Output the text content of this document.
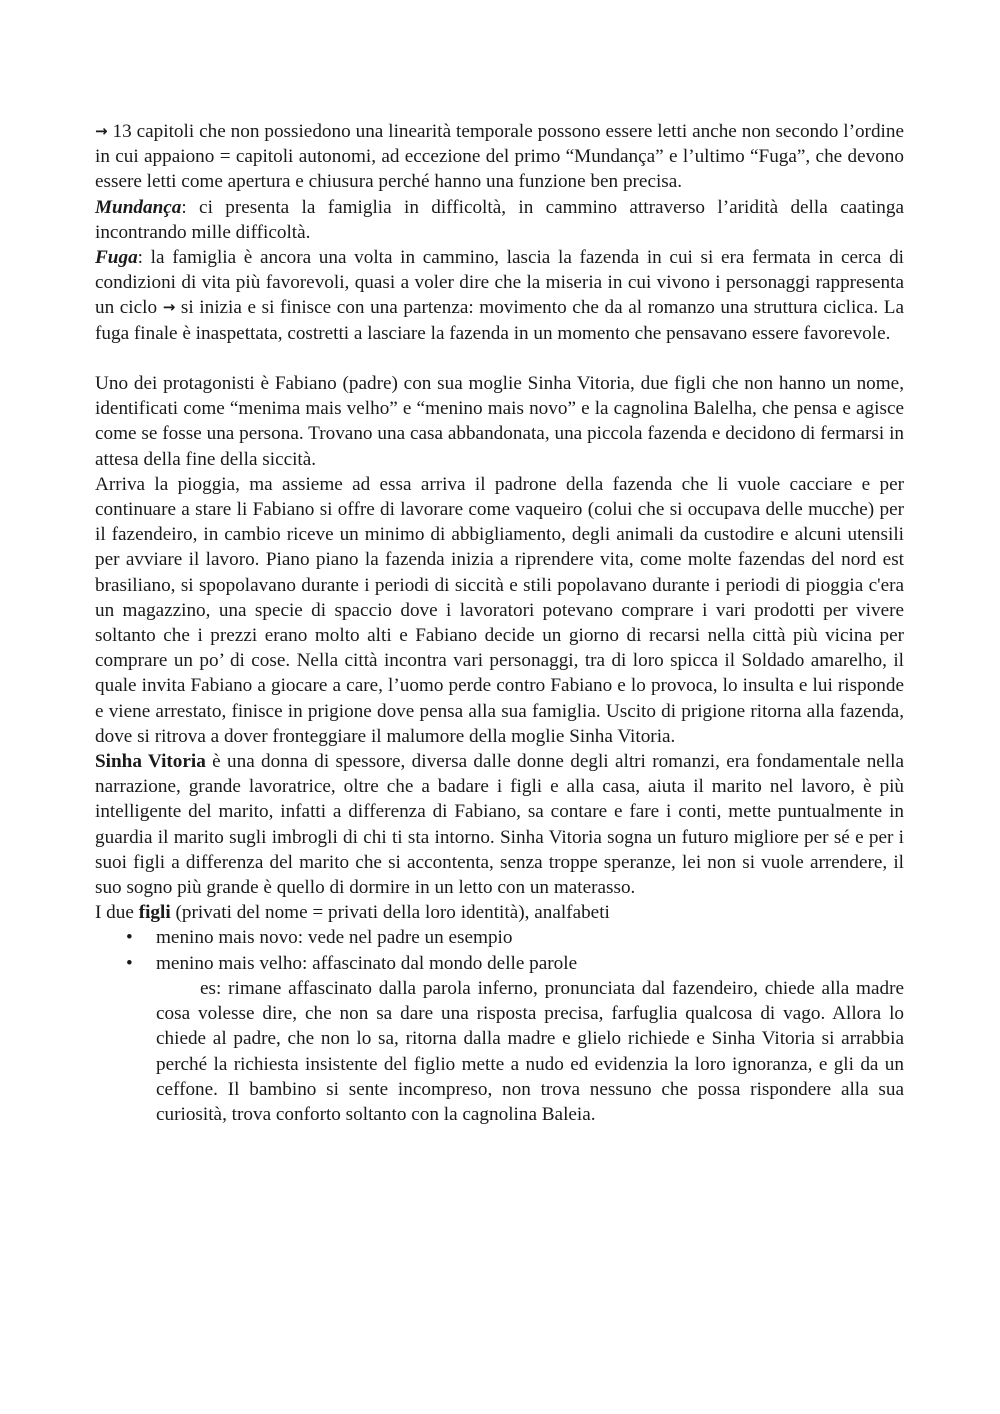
→ 13 capitoli che non possiedono una linearità temporale possono essere letti anche non secondo l’ordine in cui appaiono = capitoli autonomi, ad eccezione del primo “Mundança” e l’ultimo “Fuga”, che devono essere letti come apertura e chiusura perché hanno una funzione ben precisa.

Mundança: ci presenta la famiglia in difficoltà, in cammino attraverso l’aridità della caatinga incontrando mille difficoltà.

Fuga: la famiglia è ancora una volta in cammino, lascia la fazenda in cui si era fermata in cerca di condizioni di vita più favorevoli, quasi a voler dire che la miseria in cui vivono i personaggi rappresenta un ciclo → si inizia e si finisce con una partenza: movimento che da al romanzo una struttura ciclica. La fuga finale è inaspettata, costretti a lasciare la fazenda in un momento che pensavano essere favorevole.

Uno dei protagonisti è Fabiano (padre) con sua moglie Sinha Vitoria, due figli che non hanno un nome, identificati come “menima mais velho” e “menino mais novo” e la cagnolina Balelha, che pensa e agisce come se fosse una persona. Trovano una casa abbandonata, una piccola fazenda e decidono di fermarsi in attesa della fine della siccità.

Arriva la pioggia, ma assieme ad essa arriva il padrone della fazenda che li vuole cacciare e per continuare a stare li Fabiano si offre di lavorare come vaqueiro (colui che si occupava delle mucche) per il fazendeiro, in cambio riceve un minimo di abbigliamento, degli animali da custodire e alcuni utensili per avviare il lavoro. Piano piano la fazenda inizia a riprendere vita, come molte fazendas del nord est brasiliano, si spopolavano durante i periodi di siccità e stili popolavano durante i periodi di pioggia c'era un magazzino, una specie di spaccio dove i lavoratori potevano comprare i vari prodotti per vivere soltanto che i prezzi erano molto alti e Fabiano decide un giorno di recarsi nella città più vicina per comprare un po’ di cose. Nella città incontra vari personaggi, tra di loro spicca il Soldado amarelho, il quale invita Fabiano a giocare a care, l’uomo perde contro Fabiano e lo provoca, lo insulta e lui risponde e viene arrestato, finisce in prigione dove pensa alla sua famiglia. Uscito di prigione ritorna alla fazenda, dove si ritrova a dover fronteggiare il malumore della moglie Sinha Vitoria.

Sinha Vitoria è una donna di spessore, diversa dalle donne degli altri romanzi, era fondamentale nella narrazione, grande lavoratrice, oltre che a badare i figli e alla casa, aiuta il marito nel lavoro, è più intelligente del marito, infatti a differenza di Fabiano, sa contare e fare i conti, mette puntualmente in guardia il marito sugli imbrogli di chi ti sta intorno. Sinha Vitoria sogna un futuro migliore per sé e per i suoi figli a differenza del marito che si accontenta, senza troppe speranze, lei non si vuole arrendere, il suo sogno più grande è quello di dormire in un letto con un materasso.

I due figli (privati del nome = privati della loro identità), analfabeti

• menino mais novo: vede nel padre un esempio
• menino mais velho: affascinato dal mondo delle parole

es: rimane affascinato dalla parola inferno, pronunciata dal fazendeiro, chiede alla madre cosa volesse dire, che non sa dare una risposta precisa, farfuglia qualcosa di vago. Allora lo chiede al padre, che non lo sa, ritorna dalla madre e glielo richiede e Sinha Vitoria si arrabbia perché la richiesta insistente del figlio mette a nudo ed evidenzia la loro ignoranza, e gli da un ceffone. Il bambino si sente incompreso, non trova nessuno che possa rispondere alla sua curiosità, trova conforto soltanto con la cagnolina Baleia.
